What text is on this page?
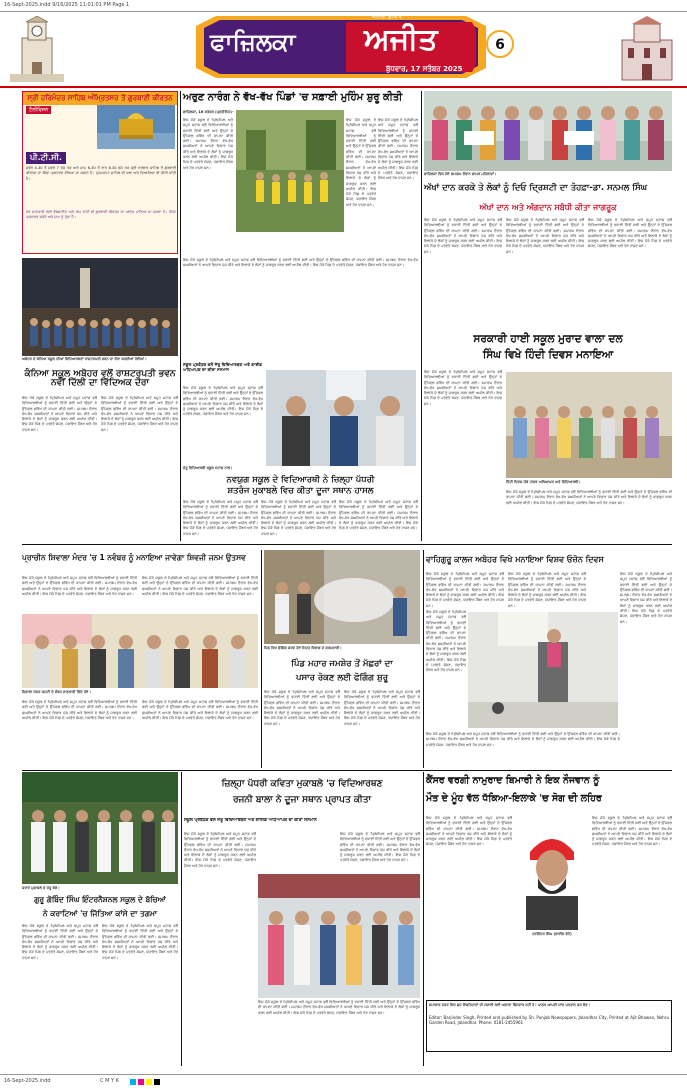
16-Sept-2025.indd 9/16/2025 11:01:01 PM Page 1
ਫਾਜ਼ਿਲਕਾ ਅਜੀਤ
ਜਲੰਧਰ, ਬੁੱਧਵਾਰ
ਬੁੱਧਵਾਰ, 17 ਸਤੰਬਰ 2025
6
ਸ੍ਰੀ ਹਰਿਮੰਦਰ ਸਾਹਿਬ ਅੰਮ੍ਰਿਤਸਰ ਤੋਂ ਗੁਰਬਾਣੀ ਕੀਰਤਨ
ਟੈਲੀਵਿਜ਼ਨ
ਪੀ.ਟੀ.ਸੀ.
ਸਵੇਰੇ 4.30 ਤੋਂ ਸਵੇਰੇ 7 ਵਜੇ ਤਕ ਅਤੇ ਸ਼ਾਮ 6.30 ਤੋਂ ਰਾਤ 8.30 ਵਜੇ ਤਕ ਸ੍ਰੀ ਦਰਬਾਰ ਸਾਹਿਬ ਤੋਂ ਗੁਰਬਾਣੀ ਕੀਰਤਨ ਦਾ ਸਿੱਧਾ ਪ੍ਰਸਾਰਣ ਦੇਖਿਆ ਜਾ ਸਕਦਾ ਹੈ। ਹੁਕਮਨਾਮਾ ਸਾਹਿਬ ਦੀ ਕਥਾ ਅਤੇ ਵਿਆਖਿਆ ਵੀ ਕੀਤੀ ਜਾਂਦੀ ਹੈ।
ਹੋਰ ਜਾਣਕਾਰੀ ਲਈ ਵੈਬਸਾਈਟ ਅਤੇ ਐਪ ਰਾਹੀਂ ਵੀ ਗੁਰਬਾਣੀ ਕੀਰਤਨ ਦਾ ਆਨੰਦ ਮਾਣਿਆ ਜਾ ਸਕਦਾ ਹੈ। ਸਿੱਧਾ ਪ੍ਰਸਾਰਣ ਸਵੇਰੇ ਅਤੇ ਸ਼ਾਮ ਨੂੰ ਹੁੰਦਾ ਹੈ।
ਅਬੋਹਰ ਦੇ ਕੰਨਿਆ ਸਕੂਲ ਦੀਆਂ ਵਿਦਿਆਰਥਣਾਂ ਰਾਸ਼ਟਰਪਤੀ ਭਵਨ ਦਾ ਦੌਰਾ ਕਰਦੀਆਂ ਹੋਈਆਂ।
ਕੰਨਿਆ ਸਕੂਲ ਅਬੋਹਰ ਵਲੋਂ ਰਾਸ਼ਟਰਪਤੀ ਭਵਨ ਨਵੀਂ ਦਿੱਲੀ ਦਾ ਵਿੱਦਿਅਕ ਦੌਰਾ
ਇਸ ਮੌਕੇ ਸਕੂਲ ਦੇ ਪ੍ਰਿੰਸੀਪਲ ਅਤੇ ਸਮੂਹ ਸਟਾਫ਼ ਵਲੋਂ ਵਿਦਿਆਰਥੀਆਂ ਨੂੰ ਵਧਾਈ ਦਿੱਤੀ ਗਈ ਅਤੇ ਉਨ੍ਹਾਂ ਦੇ ਉੱਜਵਲ ਭਵਿੱਖ ਦੀ ਕਾਮਨਾ ਕੀਤੀ ਗਈ। ਸਮਾਗਮ ਦੌਰਾਨ ਵੱਖ-ਵੱਖ ਸ਼ਖ਼ਸੀਅਤਾਂ ਨੇ ਆਪਣੇ ਵਿਚਾਰ ਪੇਸ਼ ਕੀਤੇ ਅਤੇ ਇਲਾਕੇ ਦੇ ਲੋਕਾਂ ਨੂੰ ਜਾਗਰੂਕ ਕਰਨ ਲਈ ਅਪੀਲ ਕੀਤੀ। ਇਸ ਮੌਕੇ ਪਿੰਡ ਦੇ ਪਤਵੰਤੇ ਸੱਜਣ, ਪੰਚਾਇਤ ਮੈਂਬਰ ਅਤੇ ਹੋਰ ਹਾਜ਼ਰ ਸਨ।
ਇਸ ਮੌਕੇ ਸਕੂਲ ਦੇ ਪ੍ਰਿੰਸੀਪਲ ਅਤੇ ਸਮੂਹ ਸਟਾਫ਼ ਵਲੋਂ ਵਿਦਿਆਰਥੀਆਂ ਨੂੰ ਵਧਾਈ ਦਿੱਤੀ ਗਈ ਅਤੇ ਉਨ੍ਹਾਂ ਦੇ ਉੱਜਵਲ ਭਵਿੱਖ ਦੀ ਕਾਮਨਾ ਕੀਤੀ ਗਈ। ਸਮਾਗਮ ਦੌਰਾਨ ਵੱਖ-ਵੱਖ ਸ਼ਖ਼ਸੀਅਤਾਂ ਨੇ ਆਪਣੇ ਵਿਚਾਰ ਪੇਸ਼ ਕੀਤੇ ਅਤੇ ਇਲਾਕੇ ਦੇ ਲੋਕਾਂ ਨੂੰ ਜਾਗਰੂਕ ਕਰਨ ਲਈ ਅਪੀਲ ਕੀਤੀ। ਇਸ ਮੌਕੇ ਪਿੰਡ ਦੇ ਪਤਵੰਤੇ ਸੱਜਣ, ਪੰਚਾਇਤ ਮੈਂਬਰ ਅਤੇ ਹੋਰ ਹਾਜ਼ਰ ਸਨ।
ਅਰੁਣ ਨਾਰੰਗ ਨੇ ਵੱਖ-ਵੱਖ ਪਿੰਡਾਂ 'ਚ ਸਫ਼ਾਈ ਮੁਹਿੰਮ ਸ਼ੁਰੂ ਕੀਤੀ
ਫਾਜ਼ਿਲਕਾ, 16 ਸਤੰਬਰ (ਪ੍ਰਤੀਨਿਧ)-
ਇਸ ਮੌਕੇ ਸਕੂਲ ਦੇ ਪ੍ਰਿੰਸੀਪਲ ਅਤੇ ਸਮੂਹ ਸਟਾਫ਼ ਵਲੋਂ ਵਿਦਿਆਰਥੀਆਂ ਨੂੰ ਵਧਾਈ ਦਿੱਤੀ ਗਈ ਅਤੇ ਉਨ੍ਹਾਂ ਦੇ ਉੱਜਵਲ ਭਵਿੱਖ ਦੀ ਕਾਮਨਾ ਕੀਤੀ ਗਈ। ਸਮਾਗਮ ਦੌਰਾਨ ਵੱਖ-ਵੱਖ ਸ਼ਖ਼ਸੀਅਤਾਂ ਨੇ ਆਪਣੇ ਵਿਚਾਰ ਪੇਸ਼ ਕੀਤੇ ਅਤੇ ਇਲਾਕੇ ਦੇ ਲੋਕਾਂ ਨੂੰ ਜਾਗਰੂਕ ਕਰਨ ਲਈ ਅਪੀਲ ਕੀਤੀ। ਇਸ ਮੌਕੇ ਪਿੰਡ ਦੇ ਪਤਵੰਤੇ ਸੱਜਣ, ਪੰਚਾਇਤ ਮੈਂਬਰ ਅਤੇ ਹੋਰ ਹਾਜ਼ਰ ਸਨ।
ਇਸ ਮੌਕੇ ਸਕੂਲ ਦੇ ਪ੍ਰਿੰਸੀਪਲ ਅਤੇ ਸਮੂਹ ਸਟਾਫ਼ ਵਲੋਂ ਵਿਦਿਆਰਥੀਆਂ ਨੂੰ ਵਧਾਈ ਦਿੱਤੀ ਗਈ ਅਤੇ ਉਨ੍ਹਾਂ ਦੇ ਉੱਜਵਲ ਭਵਿੱਖ ਦੀ ਕਾਮਨਾ ਕੀਤੀ ਗਈ। ਸਮਾਗਮ ਦੌਰਾਨ ਵੱਖ-ਵੱਖ ਸ਼ਖ਼ਸੀਅਤਾਂ ਨੇ ਆਪਣੇ ਵਿਚਾਰ ਪੇਸ਼ ਕੀਤੇ ਅਤੇ ਇਲਾਕੇ ਦੇ ਲੋਕਾਂ ਨੂੰ ਜਾਗਰੂਕ ਕਰਨ ਲਈ ਅਪੀਲ ਕੀਤੀ। ਇਸ ਮੌਕੇ ਪਿੰਡ ਦੇ ਪਤਵੰਤੇ ਸੱਜਣ, ਪੰਚਾਇਤ ਮੈਂਬਰ ਅਤੇ ਹੋਰ ਹਾਜ਼ਰ ਸਨ।
ਇਸ ਮੌਕੇ ਸਕੂਲ ਦੇ ਪ੍ਰਿੰਸੀਪਲ ਅਤੇ ਸਮੂਹ ਸਟਾਫ਼ ਵਲੋਂ ਵਿਦਿਆਰਥੀਆਂ ਨੂੰ ਵਧਾਈ ਦਿੱਤੀ ਗਈ ਅਤੇ ਉਨ੍ਹਾਂ ਦੇ ਉੱਜਵਲ ਭਵਿੱਖ ਦੀ ਕਾਮਨਾ ਕੀਤੀ ਗਈ। ਸਮਾਗਮ ਦੌਰਾਨ ਵੱਖ-ਵੱਖ ਸ਼ਖ਼ਸੀਅਤਾਂ ਨੇ ਆਪਣੇ ਵਿਚਾਰ ਪੇਸ਼ ਕੀਤੇ ਅਤੇ ਇਲਾਕੇ ਦੇ ਲੋਕਾਂ ਨੂੰ ਜਾਗਰੂਕ ਕਰਨ ਲਈ ਅਪੀਲ ਕੀਤੀ। ਇਸ ਮੌਕੇ ਪਿੰਡ ਦੇ ਪਤਵੰਤੇ ਸੱਜਣ, ਪੰਚਾਇਤ ਮੈਂਬਰ ਅਤੇ ਹੋਰ ਹਾਜ਼ਰ ਸਨ।
ਇਸ ਮੌਕੇ ਸਕੂਲ ਦੇ ਪ੍ਰਿੰਸੀਪਲ ਅਤੇ ਸਮੂਹ ਸਟਾਫ਼ ਵਲੋਂ ਵਿਦਿਆਰਥੀਆਂ ਨੂੰ ਵਧਾਈ ਦਿੱਤੀ ਗਈ ਅਤੇ ਉਨ੍ਹਾਂ ਦੇ ਉੱਜਵਲ ਭਵਿੱਖ ਦੀ ਕਾਮਨਾ ਕੀਤੀ ਗਈ। ਸਮਾਗਮ ਦੌਰਾਨ ਵੱਖ-ਵੱਖ ਸ਼ਖ਼ਸੀਅਤਾਂ ਨੇ ਆਪਣੇ ਵਿਚਾਰ ਪੇਸ਼ ਕੀਤੇ ਅਤੇ ਇਲਾਕੇ ਦੇ ਲੋਕਾਂ ਨੂੰ ਜਾਗਰੂਕ ਕਰਨ ਲਈ ਅਪੀਲ ਕੀਤੀ। ਇਸ ਮੌਕੇ ਪਿੰਡ ਦੇ ਪਤਵੰਤੇ ਸੱਜਣ, ਪੰਚਾਇਤ ਮੈਂਬਰ ਅਤੇ ਹੋਰ ਹਾਜ਼ਰ ਸਨ।
ਸਕੂਲ ਪ੍ਰਬੰਧਕ ਵਲੋਂ ਜੇਤੂ ਵਿਦਿਆਰਥਣ ਅਤੇ ਗਾਈਡ ਅਧਿਆਪਕ ਦਾ ਕੀਤਾ ਸਨਮਾਨ
ਇਸ ਮੌਕੇ ਸਕੂਲ ਦੇ ਪ੍ਰਿੰਸੀਪਲ ਅਤੇ ਸਮੂਹ ਸਟਾਫ਼ ਵਲੋਂ ਵਿਦਿਆਰਥੀਆਂ ਨੂੰ ਵਧਾਈ ਦਿੱਤੀ ਗਈ ਅਤੇ ਉਨ੍ਹਾਂ ਦੇ ਉੱਜਵਲ ਭਵਿੱਖ ਦੀ ਕਾਮਨਾ ਕੀਤੀ ਗਈ। ਸਮਾਗਮ ਦੌਰਾਨ ਵੱਖ-ਵੱਖ ਸ਼ਖ਼ਸੀਅਤਾਂ ਨੇ ਆਪਣੇ ਵਿਚਾਰ ਪੇਸ਼ ਕੀਤੇ ਅਤੇ ਇਲਾਕੇ ਦੇ ਲੋਕਾਂ ਨੂੰ ਜਾਗਰੂਕ ਕਰਨ ਲਈ ਅਪੀਲ ਕੀਤੀ। ਇਸ ਮੌਕੇ ਪਿੰਡ ਦੇ ਪਤਵੰਤੇ ਸੱਜਣ, ਪੰਚਾਇਤ ਮੈਂਬਰ ਅਤੇ ਹੋਰ ਹਾਜ਼ਰ ਸਨ।
ਜੇਤੂ ਵਿਦਿਆਰਥੀ ਸਕੂਲ ਸਟਾਫ਼ ਨਾਲ।
ਨਵਯੁਗ ਸਕੂਲ ਦੇ ਵਿਦਿਆਰਥੀ ਨੇ ਜ਼ਿਲ੍ਹਾ ਪੱਧਰੀ
ਸ਼ਤਰੰਜ ਮੁਕਾਬਲੇ ਵਿਚ ਕੀਤਾ ਦੂਜਾ ਸਥਾਨ ਹਾਸਲ
ਇਸ ਮੌਕੇ ਸਕੂਲ ਦੇ ਪ੍ਰਿੰਸੀਪਲ ਅਤੇ ਸਮੂਹ ਸਟਾਫ਼ ਵਲੋਂ ਵਿਦਿਆਰਥੀਆਂ ਨੂੰ ਵਧਾਈ ਦਿੱਤੀ ਗਈ ਅਤੇ ਉਨ੍ਹਾਂ ਦੇ ਉੱਜਵਲ ਭਵਿੱਖ ਦੀ ਕਾਮਨਾ ਕੀਤੀ ਗਈ। ਸਮਾਗਮ ਦੌਰਾਨ ਵੱਖ-ਵੱਖ ਸ਼ਖ਼ਸੀਅਤਾਂ ਨੇ ਆਪਣੇ ਵਿਚਾਰ ਪੇਸ਼ ਕੀਤੇ ਅਤੇ ਇਲਾਕੇ ਦੇ ਲੋਕਾਂ ਨੂੰ ਜਾਗਰੂਕ ਕਰਨ ਲਈ ਅਪੀਲ ਕੀਤੀ। ਇਸ ਮੌਕੇ ਪਿੰਡ ਦੇ ਪਤਵੰਤੇ ਸੱਜਣ, ਪੰਚਾਇਤ ਮੈਂਬਰ ਅਤੇ ਹੋਰ ਹਾਜ਼ਰ ਸਨ।
ਇਸ ਮੌਕੇ ਸਕੂਲ ਦੇ ਪ੍ਰਿੰਸੀਪਲ ਅਤੇ ਸਮੂਹ ਸਟਾਫ਼ ਵਲੋਂ ਵਿਦਿਆਰਥੀਆਂ ਨੂੰ ਵਧਾਈ ਦਿੱਤੀ ਗਈ ਅਤੇ ਉਨ੍ਹਾਂ ਦੇ ਉੱਜਵਲ ਭਵਿੱਖ ਦੀ ਕਾਮਨਾ ਕੀਤੀ ਗਈ। ਸਮਾਗਮ ਦੌਰਾਨ ਵੱਖ-ਵੱਖ ਸ਼ਖ਼ਸੀਅਤਾਂ ਨੇ ਆਪਣੇ ਵਿਚਾਰ ਪੇਸ਼ ਕੀਤੇ ਅਤੇ ਇਲਾਕੇ ਦੇ ਲੋਕਾਂ ਨੂੰ ਜਾਗਰੂਕ ਕਰਨ ਲਈ ਅਪੀਲ ਕੀਤੀ। ਇਸ ਮੌਕੇ ਪਿੰਡ ਦੇ ਪਤਵੰਤੇ ਸੱਜਣ, ਪੰਚਾਇਤ ਮੈਂਬਰ ਅਤੇ ਹੋਰ ਹਾਜ਼ਰ ਸਨ।
ਇਸ ਮੌਕੇ ਸਕੂਲ ਦੇ ਪ੍ਰਿੰਸੀਪਲ ਅਤੇ ਸਮੂਹ ਸਟਾਫ਼ ਵਲੋਂ ਵਿਦਿਆਰਥੀਆਂ ਨੂੰ ਵਧਾਈ ਦਿੱਤੀ ਗਈ ਅਤੇ ਉਨ੍ਹਾਂ ਦੇ ਉੱਜਵਲ ਭਵਿੱਖ ਦੀ ਕਾਮਨਾ ਕੀਤੀ ਗਈ। ਸਮਾਗਮ ਦੌਰਾਨ ਵੱਖ-ਵੱਖ ਸ਼ਖ਼ਸੀਅਤਾਂ ਨੇ ਆਪਣੇ ਵਿਚਾਰ ਪੇਸ਼ ਕੀਤੇ ਅਤੇ ਇਲਾਕੇ ਦੇ ਲੋਕਾਂ ਨੂੰ ਜਾਗਰੂਕ ਕਰਨ ਲਈ ਅਪੀਲ ਕੀਤੀ। ਇਸ ਮੌਕੇ ਪਿੰਡ ਦੇ ਪਤਵੰਤੇ ਸੱਜਣ, ਪੰਚਾਇਤ ਮੈਂਬਰ ਅਤੇ ਹੋਰ ਹਾਜ਼ਰ ਸਨ।
ਫਾਜ਼ਿਲਕਾ ਵਿਖੇ ਹੋਏ ਸਮਾਗਮ ਦੌਰਾਨ ਸ਼ਾਮਲ ਮਹਿਲਾਵਾਂ।
ਅੱਖਾਂ ਦਾਨ ਕਰਕੇ ਤੇ ਲੋਕਾਂ ਨੂੰ ਦਿਓ ਦ੍ਰਿਸ਼ਟੀ ਦਾ ਤੋਹਫ਼ਾ-ਡਾ. ਸਨਮਲ ਸਿੰਘ
ਅੱਖਾਂ ਦਾਨ ਅਤੇ ਅੰਗਦਾਨ ਸਬੰਧੀ ਕੀਤਾ ਜਾਗਰੂਕ
ਇਸ ਮੌਕੇ ਸਕੂਲ ਦੇ ਪ੍ਰਿੰਸੀਪਲ ਅਤੇ ਸਮੂਹ ਸਟਾਫ਼ ਵਲੋਂ ਵਿਦਿਆਰਥੀਆਂ ਨੂੰ ਵਧਾਈ ਦਿੱਤੀ ਗਈ ਅਤੇ ਉਨ੍ਹਾਂ ਦੇ ਉੱਜਵਲ ਭਵਿੱਖ ਦੀ ਕਾਮਨਾ ਕੀਤੀ ਗਈ। ਸਮਾਗਮ ਦੌਰਾਨ ਵੱਖ-ਵੱਖ ਸ਼ਖ਼ਸੀਅਤਾਂ ਨੇ ਆਪਣੇ ਵਿਚਾਰ ਪੇਸ਼ ਕੀਤੇ ਅਤੇ ਇਲਾਕੇ ਦੇ ਲੋਕਾਂ ਨੂੰ ਜਾਗਰੂਕ ਕਰਨ ਲਈ ਅਪੀਲ ਕੀਤੀ। ਇਸ ਮੌਕੇ ਪਿੰਡ ਦੇ ਪਤਵੰਤੇ ਸੱਜਣ, ਪੰਚਾਇਤ ਮੈਂਬਰ ਅਤੇ ਹੋਰ ਹਾਜ਼ਰ ਸਨ।
ਇਸ ਮੌਕੇ ਸਕੂਲ ਦੇ ਪ੍ਰਿੰਸੀਪਲ ਅਤੇ ਸਮੂਹ ਸਟਾਫ਼ ਵਲੋਂ ਵਿਦਿਆਰਥੀਆਂ ਨੂੰ ਵਧਾਈ ਦਿੱਤੀ ਗਈ ਅਤੇ ਉਨ੍ਹਾਂ ਦੇ ਉੱਜਵਲ ਭਵਿੱਖ ਦੀ ਕਾਮਨਾ ਕੀਤੀ ਗਈ। ਸਮਾਗਮ ਦੌਰਾਨ ਵੱਖ-ਵੱਖ ਸ਼ਖ਼ਸੀਅਤਾਂ ਨੇ ਆਪਣੇ ਵਿਚਾਰ ਪੇਸ਼ ਕੀਤੇ ਅਤੇ ਇਲਾਕੇ ਦੇ ਲੋਕਾਂ ਨੂੰ ਜਾਗਰੂਕ ਕਰਨ ਲਈ ਅਪੀਲ ਕੀਤੀ। ਇਸ ਮੌਕੇ ਪਿੰਡ ਦੇ ਪਤਵੰਤੇ ਸੱਜਣ, ਪੰਚਾਇਤ ਮੈਂਬਰ ਅਤੇ ਹੋਰ ਹਾਜ਼ਰ ਸਨ।
ਇਸ ਮੌਕੇ ਸਕੂਲ ਦੇ ਪ੍ਰਿੰਸੀਪਲ ਅਤੇ ਸਮੂਹ ਸਟਾਫ਼ ਵਲੋਂ ਵਿਦਿਆਰਥੀਆਂ ਨੂੰ ਵਧਾਈ ਦਿੱਤੀ ਗਈ ਅਤੇ ਉਨ੍ਹਾਂ ਦੇ ਉੱਜਵਲ ਭਵਿੱਖ ਦੀ ਕਾਮਨਾ ਕੀਤੀ ਗਈ। ਸਮਾਗਮ ਦੌਰਾਨ ਵੱਖ-ਵੱਖ ਸ਼ਖ਼ਸੀਅਤਾਂ ਨੇ ਆਪਣੇ ਵਿਚਾਰ ਪੇਸ਼ ਕੀਤੇ ਅਤੇ ਇਲਾਕੇ ਦੇ ਲੋਕਾਂ ਨੂੰ ਜਾਗਰੂਕ ਕਰਨ ਲਈ ਅਪੀਲ ਕੀਤੀ। ਇਸ ਮੌਕੇ ਪਿੰਡ ਦੇ ਪਤਵੰਤੇ ਸੱਜਣ, ਪੰਚਾਇਤ ਮੈਂਬਰ ਅਤੇ ਹੋਰ ਹਾਜ਼ਰ ਸਨ।
ਸਰਕਾਰੀ ਹਾਈ ਸਕੂਲ ਮੁਰਾਦ ਵਾਲਾ ਦਲ
ਸਿੰਘ ਵਿਖੇ ਹਿੰਦੀ ਦਿਵਸ ਮਨਾਇਆ
ਇਸ ਮੌਕੇ ਸਕੂਲ ਦੇ ਪ੍ਰਿੰਸੀਪਲ ਅਤੇ ਸਮੂਹ ਸਟਾਫ਼ ਵਲੋਂ ਵਿਦਿਆਰਥੀਆਂ ਨੂੰ ਵਧਾਈ ਦਿੱਤੀ ਗਈ ਅਤੇ ਉਨ੍ਹਾਂ ਦੇ ਉੱਜਵਲ ਭਵਿੱਖ ਦੀ ਕਾਮਨਾ ਕੀਤੀ ਗਈ। ਸਮਾਗਮ ਦੌਰਾਨ ਵੱਖ-ਵੱਖ ਸ਼ਖ਼ਸੀਅਤਾਂ ਨੇ ਆਪਣੇ ਵਿਚਾਰ ਪੇਸ਼ ਕੀਤੇ ਅਤੇ ਇਲਾਕੇ ਦੇ ਲੋਕਾਂ ਨੂੰ ਜਾਗਰੂਕ ਕਰਨ ਲਈ ਅਪੀਲ ਕੀਤੀ। ਇਸ ਮੌਕੇ ਪਿੰਡ ਦੇ ਪਤਵੰਤੇ ਸੱਜਣ, ਪੰਚਾਇਤ ਮੈਂਬਰ ਅਤੇ ਹੋਰ ਹਾਜ਼ਰ ਸਨ।
ਹਿੰਦੀ ਦਿਵਸ ਮੌਕੇ ਹਾਜ਼ਰ ਅਧਿਆਪਕ ਅਤੇ ਵਿਦਿਆਰਥੀ।
ਇਸ ਮੌਕੇ ਸਕੂਲ ਦੇ ਪ੍ਰਿੰਸੀਪਲ ਅਤੇ ਸਮੂਹ ਸਟਾਫ਼ ਵਲੋਂ ਵਿਦਿਆਰਥੀਆਂ ਨੂੰ ਵਧਾਈ ਦਿੱਤੀ ਗਈ ਅਤੇ ਉਨ੍ਹਾਂ ਦੇ ਉੱਜਵਲ ਭਵਿੱਖ ਦੀ ਕਾਮਨਾ ਕੀਤੀ ਗਈ। ਸਮਾਗਮ ਦੌਰਾਨ ਵੱਖ-ਵੱਖ ਸ਼ਖ਼ਸੀਅਤਾਂ ਨੇ ਆਪਣੇ ਵਿਚਾਰ ਪੇਸ਼ ਕੀਤੇ ਅਤੇ ਇਲਾਕੇ ਦੇ ਲੋਕਾਂ ਨੂੰ ਜਾਗਰੂਕ ਕਰਨ ਲਈ ਅਪੀਲ ਕੀਤੀ। ਇਸ ਮੌਕੇ ਪਿੰਡ ਦੇ ਪਤਵੰਤੇ ਸੱਜਣ, ਪੰਚਾਇਤ ਮੈਂਬਰ ਅਤੇ ਹੋਰ ਹਾਜ਼ਰ ਸਨ।
ਪ੍ਰਾਚੀਨ ਸ਼ਿਵਾਲਾ ਮੰਦਰ 'ਚ 1 ਨਵੰਬਰ ਨੂੰ ਮਨਾਇਆ ਜਾਵੇਗਾ ਸ਼ਿਵਜੀ ਜਨਮ ਉਤਸਵ
ਇਸ ਮੌਕੇ ਸਕੂਲ ਦੇ ਪ੍ਰਿੰਸੀਪਲ ਅਤੇ ਸਮੂਹ ਸਟਾਫ਼ ਵਲੋਂ ਵਿਦਿਆਰਥੀਆਂ ਨੂੰ ਵਧਾਈ ਦਿੱਤੀ ਗਈ ਅਤੇ ਉਨ੍ਹਾਂ ਦੇ ਉੱਜਵਲ ਭਵਿੱਖ ਦੀ ਕਾਮਨਾ ਕੀਤੀ ਗਈ। ਸਮਾਗਮ ਦੌਰਾਨ ਵੱਖ-ਵੱਖ ਸ਼ਖ਼ਸੀਅਤਾਂ ਨੇ ਆਪਣੇ ਵਿਚਾਰ ਪੇਸ਼ ਕੀਤੇ ਅਤੇ ਇਲਾਕੇ ਦੇ ਲੋਕਾਂ ਨੂੰ ਜਾਗਰੂਕ ਕਰਨ ਲਈ ਅਪੀਲ ਕੀਤੀ। ਇਸ ਮੌਕੇ ਪਿੰਡ ਦੇ ਪਤਵੰਤੇ ਸੱਜਣ, ਪੰਚਾਇਤ ਮੈਂਬਰ ਅਤੇ ਹੋਰ ਹਾਜ਼ਰ ਸਨ।
ਇਸ ਮੌਕੇ ਸਕੂਲ ਦੇ ਪ੍ਰਿੰਸੀਪਲ ਅਤੇ ਸਮੂਹ ਸਟਾਫ਼ ਵਲੋਂ ਵਿਦਿਆਰਥੀਆਂ ਨੂੰ ਵਧਾਈ ਦਿੱਤੀ ਗਈ ਅਤੇ ਉਨ੍ਹਾਂ ਦੇ ਉੱਜਵਲ ਭਵਿੱਖ ਦੀ ਕਾਮਨਾ ਕੀਤੀ ਗਈ। ਸਮਾਗਮ ਦੌਰਾਨ ਵੱਖ-ਵੱਖ ਸ਼ਖ਼ਸੀਅਤਾਂ ਨੇ ਆਪਣੇ ਵਿਚਾਰ ਪੇਸ਼ ਕੀਤੇ ਅਤੇ ਇਲਾਕੇ ਦੇ ਲੋਕਾਂ ਨੂੰ ਜਾਗਰੂਕ ਕਰਨ ਲਈ ਅਪੀਲ ਕੀਤੀ। ਇਸ ਮੌਕੇ ਪਿੰਡ ਦੇ ਪਤਵੰਤੇ ਸੱਜਣ, ਪੰਚਾਇਤ ਮੈਂਬਰ ਅਤੇ ਹੋਰ ਹਾਜ਼ਰ ਸਨ।
ਸ਼ਿਵਾਲਾ ਮੰਦਰ ਕਮੇਟੀ ਦੇ ਮੈਂਬਰ ਜਾਣਕਾਰੀ ਦਿੰਦੇ ਹੋਏ।
ਇਸ ਮੌਕੇ ਸਕੂਲ ਦੇ ਪ੍ਰਿੰਸੀਪਲ ਅਤੇ ਸਮੂਹ ਸਟਾਫ਼ ਵਲੋਂ ਵਿਦਿਆਰਥੀਆਂ ਨੂੰ ਵਧਾਈ ਦਿੱਤੀ ਗਈ ਅਤੇ ਉਨ੍ਹਾਂ ਦੇ ਉੱਜਵਲ ਭਵਿੱਖ ਦੀ ਕਾਮਨਾ ਕੀਤੀ ਗਈ। ਸਮਾਗਮ ਦੌਰਾਨ ਵੱਖ-ਵੱਖ ਸ਼ਖ਼ਸੀਅਤਾਂ ਨੇ ਆਪਣੇ ਵਿਚਾਰ ਪੇਸ਼ ਕੀਤੇ ਅਤੇ ਇਲਾਕੇ ਦੇ ਲੋਕਾਂ ਨੂੰ ਜਾਗਰੂਕ ਕਰਨ ਲਈ ਅਪੀਲ ਕੀਤੀ। ਇਸ ਮੌਕੇ ਪਿੰਡ ਦੇ ਪਤਵੰਤੇ ਸੱਜਣ, ਪੰਚਾਇਤ ਮੈਂਬਰ ਅਤੇ ਹੋਰ ਹਾਜ਼ਰ ਸਨ।
ਇਸ ਮੌਕੇ ਸਕੂਲ ਦੇ ਪ੍ਰਿੰਸੀਪਲ ਅਤੇ ਸਮੂਹ ਸਟਾਫ਼ ਵਲੋਂ ਵਿਦਿਆਰਥੀਆਂ ਨੂੰ ਵਧਾਈ ਦਿੱਤੀ ਗਈ ਅਤੇ ਉਨ੍ਹਾਂ ਦੇ ਉੱਜਵਲ ਭਵਿੱਖ ਦੀ ਕਾਮਨਾ ਕੀਤੀ ਗਈ। ਸਮਾਗਮ ਦੌਰਾਨ ਵੱਖ-ਵੱਖ ਸ਼ਖ਼ਸੀਅਤਾਂ ਨੇ ਆਪਣੇ ਵਿਚਾਰ ਪੇਸ਼ ਕੀਤੇ ਅਤੇ ਇਲਾਕੇ ਦੇ ਲੋਕਾਂ ਨੂੰ ਜਾਗਰੂਕ ਕਰਨ ਲਈ ਅਪੀਲ ਕੀਤੀ। ਇਸ ਮੌਕੇ ਪਿੰਡ ਦੇ ਪਤਵੰਤੇ ਸੱਜਣ, ਪੰਚਾਇਤ ਮੈਂਬਰ ਅਤੇ ਹੋਰ ਹਾਜ਼ਰ ਸਨ।
ਪਿੰਡ ਵਿਚ ਫੋਗਿੰਗ ਕਰਦੇ ਹੋਏ ਸਿਹਤ ਵਿਭਾਗ ਦੇ ਕਰਮਚਾਰੀ।
ਪਿੰਡ ਮਹਾਰ ਜਮਸ਼ੇਰ ਤੋਂ ਮੱਛਰਾਂ ਦਾ
ਪਸਾਰ ਰੋਕਣ ਲਈ ਫੋਗਿੰਗ ਸ਼ੁਰੂ
ਇਸ ਮੌਕੇ ਸਕੂਲ ਦੇ ਪ੍ਰਿੰਸੀਪਲ ਅਤੇ ਸਮੂਹ ਸਟਾਫ਼ ਵਲੋਂ ਵਿਦਿਆਰਥੀਆਂ ਨੂੰ ਵਧਾਈ ਦਿੱਤੀ ਗਈ ਅਤੇ ਉਨ੍ਹਾਂ ਦੇ ਉੱਜਵਲ ਭਵਿੱਖ ਦੀ ਕਾਮਨਾ ਕੀਤੀ ਗਈ। ਸਮਾਗਮ ਦੌਰਾਨ ਵੱਖ-ਵੱਖ ਸ਼ਖ਼ਸੀਅਤਾਂ ਨੇ ਆਪਣੇ ਵਿਚਾਰ ਪੇਸ਼ ਕੀਤੇ ਅਤੇ ਇਲਾਕੇ ਦੇ ਲੋਕਾਂ ਨੂੰ ਜਾਗਰੂਕ ਕਰਨ ਲਈ ਅਪੀਲ ਕੀਤੀ। ਇਸ ਮੌਕੇ ਪਿੰਡ ਦੇ ਪਤਵੰਤੇ ਸੱਜਣ, ਪੰਚਾਇਤ ਮੈਂਬਰ ਅਤੇ ਹੋਰ ਹਾਜ਼ਰ ਸਨ।
ਇਸ ਮੌਕੇ ਸਕੂਲ ਦੇ ਪ੍ਰਿੰਸੀਪਲ ਅਤੇ ਸਮੂਹ ਸਟਾਫ਼ ਵਲੋਂ ਵਿਦਿਆਰਥੀਆਂ ਨੂੰ ਵਧਾਈ ਦਿੱਤੀ ਗਈ ਅਤੇ ਉਨ੍ਹਾਂ ਦੇ ਉੱਜਵਲ ਭਵਿੱਖ ਦੀ ਕਾਮਨਾ ਕੀਤੀ ਗਈ। ਸਮਾਗਮ ਦੌਰਾਨ ਵੱਖ-ਵੱਖ ਸ਼ਖ਼ਸੀਅਤਾਂ ਨੇ ਆਪਣੇ ਵਿਚਾਰ ਪੇਸ਼ ਕੀਤੇ ਅਤੇ ਇਲਾਕੇ ਦੇ ਲੋਕਾਂ ਨੂੰ ਜਾਗਰੂਕ ਕਰਨ ਲਈ ਅਪੀਲ ਕੀਤੀ। ਇਸ ਮੌਕੇ ਪਿੰਡ ਦੇ ਪਤਵੰਤੇ ਸੱਜਣ, ਪੰਚਾਇਤ ਮੈਂਬਰ ਅਤੇ ਹੋਰ ਹਾਜ਼ਰ ਸਨ।
ਵਾਹਿਗੁਰੂ ਕਾਲਜ ਅਬੋਹਰ ਵਿਖੇ ਮਨਾਇਆ ਵਿਸ਼ਵ ਓਜ਼ੋਨ ਦਿਵਸ
ਇਸ ਮੌਕੇ ਸਕੂਲ ਦੇ ਪ੍ਰਿੰਸੀਪਲ ਅਤੇ ਸਮੂਹ ਸਟਾਫ਼ ਵਲੋਂ ਵਿਦਿਆਰਥੀਆਂ ਨੂੰ ਵਧਾਈ ਦਿੱਤੀ ਗਈ ਅਤੇ ਉਨ੍ਹਾਂ ਦੇ ਉੱਜਵਲ ਭਵਿੱਖ ਦੀ ਕਾਮਨਾ ਕੀਤੀ ਗਈ। ਸਮਾਗਮ ਦੌਰਾਨ ਵੱਖ-ਵੱਖ ਸ਼ਖ਼ਸੀਅਤਾਂ ਨੇ ਆਪਣੇ ਵਿਚਾਰ ਪੇਸ਼ ਕੀਤੇ ਅਤੇ ਇਲਾਕੇ ਦੇ ਲੋਕਾਂ ਨੂੰ ਜਾਗਰੂਕ ਕਰਨ ਲਈ ਅਪੀਲ ਕੀਤੀ। ਇਸ ਮੌਕੇ ਪਿੰਡ ਦੇ ਪਤਵੰਤੇ ਸੱਜਣ, ਪੰਚਾਇਤ ਮੈਂਬਰ ਅਤੇ ਹੋਰ ਹਾਜ਼ਰ ਸਨ।
ਇਸ ਮੌਕੇ ਸਕੂਲ ਦੇ ਪ੍ਰਿੰਸੀਪਲ ਅਤੇ ਸਮੂਹ ਸਟਾਫ਼ ਵਲੋਂ ਵਿਦਿਆਰਥੀਆਂ ਨੂੰ ਵਧਾਈ ਦਿੱਤੀ ਗਈ ਅਤੇ ਉਨ੍ਹਾਂ ਦੇ ਉੱਜਵਲ ਭਵਿੱਖ ਦੀ ਕਾਮਨਾ ਕੀਤੀ ਗਈ। ਸਮਾਗਮ ਦੌਰਾਨ ਵੱਖ-ਵੱਖ ਸ਼ਖ਼ਸੀਅਤਾਂ ਨੇ ਆਪਣੇ ਵਿਚਾਰ ਪੇਸ਼ ਕੀਤੇ ਅਤੇ ਇਲਾਕੇ ਦੇ ਲੋਕਾਂ ਨੂੰ ਜਾਗਰੂਕ ਕਰਨ ਲਈ ਅਪੀਲ ਕੀਤੀ। ਇਸ ਮੌਕੇ ਪਿੰਡ ਦੇ ਪਤਵੰਤੇ ਸੱਜਣ, ਪੰਚਾਇਤ ਮੈਂਬਰ ਅਤੇ ਹੋਰ ਹਾਜ਼ਰ ਸਨ।
ਇਸ ਮੌਕੇ ਸਕੂਲ ਦੇ ਪ੍ਰਿੰਸੀਪਲ ਅਤੇ ਸਮੂਹ ਸਟਾਫ਼ ਵਲੋਂ ਵਿਦਿਆਰਥੀਆਂ ਨੂੰ ਵਧਾਈ ਦਿੱਤੀ ਗਈ ਅਤੇ ਉਨ੍ਹਾਂ ਦੇ ਉੱਜਵਲ ਭਵਿੱਖ ਦੀ ਕਾਮਨਾ ਕੀਤੀ ਗਈ। ਸਮਾਗਮ ਦੌਰਾਨ ਵੱਖ-ਵੱਖ ਸ਼ਖ਼ਸੀਅਤਾਂ ਨੇ ਆਪਣੇ ਵਿਚਾਰ ਪੇਸ਼ ਕੀਤੇ ਅਤੇ ਇਲਾਕੇ ਦੇ ਲੋਕਾਂ ਨੂੰ ਜਾਗਰੂਕ ਕਰਨ ਲਈ ਅਪੀਲ ਕੀਤੀ। ਇਸ ਮੌਕੇ ਪਿੰਡ ਦੇ ਪਤਵੰਤੇ ਸੱਜਣ, ਪੰਚਾਇਤ ਮੈਂਬਰ ਅਤੇ ਹੋਰ ਹਾਜ਼ਰ ਸਨ।
ਇਸ ਮੌਕੇ ਸਕੂਲ ਦੇ ਪ੍ਰਿੰਸੀਪਲ ਅਤੇ ਸਮੂਹ ਸਟਾਫ਼ ਵਲੋਂ ਵਿਦਿਆਰਥੀਆਂ ਨੂੰ ਵਧਾਈ ਦਿੱਤੀ ਗਈ ਅਤੇ ਉਨ੍ਹਾਂ ਦੇ ਉੱਜਵਲ ਭਵਿੱਖ ਦੀ ਕਾਮਨਾ ਕੀਤੀ ਗਈ। ਸਮਾਗਮ ਦੌਰਾਨ ਵੱਖ-ਵੱਖ ਸ਼ਖ਼ਸੀਅਤਾਂ ਨੇ ਆਪਣੇ ਵਿਚਾਰ ਪੇਸ਼ ਕੀਤੇ ਅਤੇ ਇਲਾਕੇ ਦੇ ਲੋਕਾਂ ਨੂੰ ਜਾਗਰੂਕ ਕਰਨ ਲਈ ਅਪੀਲ ਕੀਤੀ। ਇਸ ਮੌਕੇ ਪਿੰਡ ਦੇ ਪਤਵੰਤੇ ਸੱਜਣ, ਪੰਚਾਇਤ ਮੈਂਬਰ ਅਤੇ ਹੋਰ ਹਾਜ਼ਰ ਸਨ।
ਇਸ ਮੌਕੇ ਸਕੂਲ ਦੇ ਪ੍ਰਿੰਸੀਪਲ ਅਤੇ ਸਮੂਹ ਸਟਾਫ਼ ਵਲੋਂ ਵਿਦਿਆਰਥੀਆਂ ਨੂੰ ਵਧਾਈ ਦਿੱਤੀ ਗਈ ਅਤੇ ਉਨ੍ਹਾਂ ਦੇ ਉੱਜਵਲ ਭਵਿੱਖ ਦੀ ਕਾਮਨਾ ਕੀਤੀ ਗਈ। ਸਮਾਗਮ ਦੌਰਾਨ ਵੱਖ-ਵੱਖ ਸ਼ਖ਼ਸੀਅਤਾਂ ਨੇ ਆਪਣੇ ਵਿਚਾਰ ਪੇਸ਼ ਕੀਤੇ ਅਤੇ ਇਲਾਕੇ ਦੇ ਲੋਕਾਂ ਨੂੰ ਜਾਗਰੂਕ ਕਰਨ ਲਈ ਅਪੀਲ ਕੀਤੀ। ਇਸ ਮੌਕੇ ਪਿੰਡ ਦੇ ਪਤਵੰਤੇ ਸੱਜਣ, ਪੰਚਾਇਤ ਮੈਂਬਰ ਅਤੇ ਹੋਰ ਹਾਜ਼ਰ ਸਨ।
ਕਰਾਟੇ ਮੁਕਾਬਲੇ ਦੇ ਜੇਤੂ ਬੱਚੇ।
ਗੁਰੂ ਗੋਬਿੰਦ ਸਿੰਘ ਇੰਟਰਨੈਸ਼ਨਲ ਸਕੂਲ ਦੇ ਬੱਚਿਆਂ
ਨੇ ਕਰਾਟਿਆਂ 'ਚ ਜਿੱਤਿਆ ਕਾਂਸੇ ਦਾ ਤਗਮਾ
ਇਸ ਮੌਕੇ ਸਕੂਲ ਦੇ ਪ੍ਰਿੰਸੀਪਲ ਅਤੇ ਸਮੂਹ ਸਟਾਫ਼ ਵਲੋਂ ਵਿਦਿਆਰਥੀਆਂ ਨੂੰ ਵਧਾਈ ਦਿੱਤੀ ਗਈ ਅਤੇ ਉਨ੍ਹਾਂ ਦੇ ਉੱਜਵਲ ਭਵਿੱਖ ਦੀ ਕਾਮਨਾ ਕੀਤੀ ਗਈ। ਸਮਾਗਮ ਦੌਰਾਨ ਵੱਖ-ਵੱਖ ਸ਼ਖ਼ਸੀਅਤਾਂ ਨੇ ਆਪਣੇ ਵਿਚਾਰ ਪੇਸ਼ ਕੀਤੇ ਅਤੇ ਇਲਾਕੇ ਦੇ ਲੋਕਾਂ ਨੂੰ ਜਾਗਰੂਕ ਕਰਨ ਲਈ ਅਪੀਲ ਕੀਤੀ। ਇਸ ਮੌਕੇ ਪਿੰਡ ਦੇ ਪਤਵੰਤੇ ਸੱਜਣ, ਪੰਚਾਇਤ ਮੈਂਬਰ ਅਤੇ ਹੋਰ ਹਾਜ਼ਰ ਸਨ।
ਇਸ ਮੌਕੇ ਸਕੂਲ ਦੇ ਪ੍ਰਿੰਸੀਪਲ ਅਤੇ ਸਮੂਹ ਸਟਾਫ਼ ਵਲੋਂ ਵਿਦਿਆਰਥੀਆਂ ਨੂੰ ਵਧਾਈ ਦਿੱਤੀ ਗਈ ਅਤੇ ਉਨ੍ਹਾਂ ਦੇ ਉੱਜਵਲ ਭਵਿੱਖ ਦੀ ਕਾਮਨਾ ਕੀਤੀ ਗਈ। ਸਮਾਗਮ ਦੌਰਾਨ ਵੱਖ-ਵੱਖ ਸ਼ਖ਼ਸੀਅਤਾਂ ਨੇ ਆਪਣੇ ਵਿਚਾਰ ਪੇਸ਼ ਕੀਤੇ ਅਤੇ ਇਲਾਕੇ ਦੇ ਲੋਕਾਂ ਨੂੰ ਜਾਗਰੂਕ ਕਰਨ ਲਈ ਅਪੀਲ ਕੀਤੀ। ਇਸ ਮੌਕੇ ਪਿੰਡ ਦੇ ਪਤਵੰਤੇ ਸੱਜਣ, ਪੰਚਾਇਤ ਮੈਂਬਰ ਅਤੇ ਹੋਰ ਹਾਜ਼ਰ ਸਨ।
ਜ਼ਿਲ੍ਹਾ ਪੱਧਰੀ ਕਵਿਤਾ ਮੁਕਾਬਲੇ 'ਚ ਵਿਦਿਆਰਥਣ
ਰਜਨੀ ਬਾਲਾ ਨੇ ਦੂਜਾ ਸਥਾਨ ਪ੍ਰਾਪਤ ਕੀਤਾ
ਸਕੂਲ ਪ੍ਰਬੰਧਕ ਵਲੋਂ ਜੇਤੂ ਵਿਦਿਆਰਥਣ ਅਤੇ ਗਾਈਡ ਅਧਿਆਪਕ ਦਾ ਕੀਤਾ ਸਨਮਾਨ
ਇਸ ਮੌਕੇ ਸਕੂਲ ਦੇ ਪ੍ਰਿੰਸੀਪਲ ਅਤੇ ਸਮੂਹ ਸਟਾਫ਼ ਵਲੋਂ ਵਿਦਿਆਰਥੀਆਂ ਨੂੰ ਵਧਾਈ ਦਿੱਤੀ ਗਈ ਅਤੇ ਉਨ੍ਹਾਂ ਦੇ ਉੱਜਵਲ ਭਵਿੱਖ ਦੀ ਕਾਮਨਾ ਕੀਤੀ ਗਈ। ਸਮਾਗਮ ਦੌਰਾਨ ਵੱਖ-ਵੱਖ ਸ਼ਖ਼ਸੀਅਤਾਂ ਨੇ ਆਪਣੇ ਵਿਚਾਰ ਪੇਸ਼ ਕੀਤੇ ਅਤੇ ਇਲਾਕੇ ਦੇ ਲੋਕਾਂ ਨੂੰ ਜਾਗਰੂਕ ਕਰਨ ਲਈ ਅਪੀਲ ਕੀਤੀ। ਇਸ ਮੌਕੇ ਪਿੰਡ ਦੇ ਪਤਵੰਤੇ ਸੱਜਣ, ਪੰਚਾਇਤ ਮੈਂਬਰ ਅਤੇ ਹੋਰ ਹਾਜ਼ਰ ਸਨ।
ਇਸ ਮੌਕੇ ਸਕੂਲ ਦੇ ਪ੍ਰਿੰਸੀਪਲ ਅਤੇ ਸਮੂਹ ਸਟਾਫ਼ ਵਲੋਂ ਵਿਦਿਆਰਥੀਆਂ ਨੂੰ ਵਧਾਈ ਦਿੱਤੀ ਗਈ ਅਤੇ ਉਨ੍ਹਾਂ ਦੇ ਉੱਜਵਲ ਭਵਿੱਖ ਦੀ ਕਾਮਨਾ ਕੀਤੀ ਗਈ। ਸਮਾਗਮ ਦੌਰਾਨ ਵੱਖ-ਵੱਖ ਸ਼ਖ਼ਸੀਅਤਾਂ ਨੇ ਆਪਣੇ ਵਿਚਾਰ ਪੇਸ਼ ਕੀਤੇ ਅਤੇ ਇਲਾਕੇ ਦੇ ਲੋਕਾਂ ਨੂੰ ਜਾਗਰੂਕ ਕਰਨ ਲਈ ਅਪੀਲ ਕੀਤੀ। ਇਸ ਮੌਕੇ ਪਿੰਡ ਦੇ ਪਤਵੰਤੇ ਸੱਜਣ, ਪੰਚਾਇਤ ਮੈਂਬਰ ਅਤੇ ਹੋਰ ਹਾਜ਼ਰ ਸਨ।
ਇਸ ਮੌਕੇ ਸਕੂਲ ਦੇ ਪ੍ਰਿੰਸੀਪਲ ਅਤੇ ਸਮੂਹ ਸਟਾਫ਼ ਵਲੋਂ ਵਿਦਿਆਰਥੀਆਂ ਨੂੰ ਵਧਾਈ ਦਿੱਤੀ ਗਈ ਅਤੇ ਉਨ੍ਹਾਂ ਦੇ ਉੱਜਵਲ ਭਵਿੱਖ ਦੀ ਕਾਮਨਾ ਕੀਤੀ ਗਈ। ਸਮਾਗਮ ਦੌਰਾਨ ਵੱਖ-ਵੱਖ ਸ਼ਖ਼ਸੀਅਤਾਂ ਨੇ ਆਪਣੇ ਵਿਚਾਰ ਪੇਸ਼ ਕੀਤੇ ਅਤੇ ਇਲਾਕੇ ਦੇ ਲੋਕਾਂ ਨੂੰ ਜਾਗਰੂਕ ਕਰਨ ਲਈ ਅਪੀਲ ਕੀਤੀ। ਇਸ ਮੌਕੇ ਪਿੰਡ ਦੇ ਪਤਵੰਤੇ ਸੱਜਣ, ਪੰਚਾਇਤ ਮੈਂਬਰ ਅਤੇ ਹੋਰ ਹਾਜ਼ਰ ਸਨ।
ਕੈਂਸਰ ਵਰਗੀ ਨਾਮੁਰਾਦ ਬਿਮਾਰੀ ਨੇ ਇਕ ਨੌਜਵਾਨ ਨੂੰ
ਮੌਤ ਦੇ ਮੂੰਹ ਵੱਲ ਧੱਕਿਆ-ਇਲਾਕੇ 'ਚ ਸੋਗ ਦੀ ਲਹਿਰ
ਇਸ ਮੌਕੇ ਸਕੂਲ ਦੇ ਪ੍ਰਿੰਸੀਪਲ ਅਤੇ ਸਮੂਹ ਸਟਾਫ਼ ਵਲੋਂ ਵਿਦਿਆਰਥੀਆਂ ਨੂੰ ਵਧਾਈ ਦਿੱਤੀ ਗਈ ਅਤੇ ਉਨ੍ਹਾਂ ਦੇ ਉੱਜਵਲ ਭਵਿੱਖ ਦੀ ਕਾਮਨਾ ਕੀਤੀ ਗਈ। ਸਮਾਗਮ ਦੌਰਾਨ ਵੱਖ-ਵੱਖ ਸ਼ਖ਼ਸੀਅਤਾਂ ਨੇ ਆਪਣੇ ਵਿਚਾਰ ਪੇਸ਼ ਕੀਤੇ ਅਤੇ ਇਲਾਕੇ ਦੇ ਲੋਕਾਂ ਨੂੰ ਜਾਗਰੂਕ ਕਰਨ ਲਈ ਅਪੀਲ ਕੀਤੀ। ਇਸ ਮੌਕੇ ਪਿੰਡ ਦੇ ਪਤਵੰਤੇ ਸੱਜਣ, ਪੰਚਾਇਤ ਮੈਂਬਰ ਅਤੇ ਹੋਰ ਹਾਜ਼ਰ ਸਨ।
ਹਰਜਿੰਦਰ ਸਿੰਘ (ਫਾਈਲ ਫੋਟੋ)
ਇਸ ਮੌਕੇ ਸਕੂਲ ਦੇ ਪ੍ਰਿੰਸੀਪਲ ਅਤੇ ਸਮੂਹ ਸਟਾਫ਼ ਵਲੋਂ ਵਿਦਿਆਰਥੀਆਂ ਨੂੰ ਵਧਾਈ ਦਿੱਤੀ ਗਈ ਅਤੇ ਉਨ੍ਹਾਂ ਦੇ ਉੱਜਵਲ ਭਵਿੱਖ ਦੀ ਕਾਮਨਾ ਕੀਤੀ ਗਈ। ਸਮਾਗਮ ਦੌਰਾਨ ਵੱਖ-ਵੱਖ ਸ਼ਖ਼ਸੀਅਤਾਂ ਨੇ ਆਪਣੇ ਵਿਚਾਰ ਪੇਸ਼ ਕੀਤੇ ਅਤੇ ਇਲਾਕੇ ਦੇ ਲੋਕਾਂ ਨੂੰ ਜਾਗਰੂਕ ਕਰਨ ਲਈ ਅਪੀਲ ਕੀਤੀ। ਇਸ ਮੌਕੇ ਪਿੰਡ ਦੇ ਪਤਵੰਤੇ ਸੱਜਣ, ਪੰਚਾਇਤ ਮੈਂਬਰ ਅਤੇ ਹੋਰ ਹਾਜ਼ਰ ਸਨ।
ਸਮਾਚਾਰ ਪੱਤਰ ਵਿਚ ਛਪੇ ਇਸ਼ਤਿਹਾਰਾਂ ਦੀ ਸਚਾਈ ਲਈ ਅਦਾਰਾ ਜ਼ਿੰਮੇਵਾਰ ਨਹੀਂ ਹੈ। ਪਾਠਕ ਆਪਣੀ ਜਾਂਚ ਪੜਤਾਲ ਕਰ ਲੈਣ।
Editor: Barjinder Singh, Printed and published by Sh. Punjab Newspapers, Jalandhar City, Printed at Ajit Bhawan, Nehru Garden Road, Jalandhar. Phone: 0181-2455961
16-Sept-2025.indd	C M Y K
